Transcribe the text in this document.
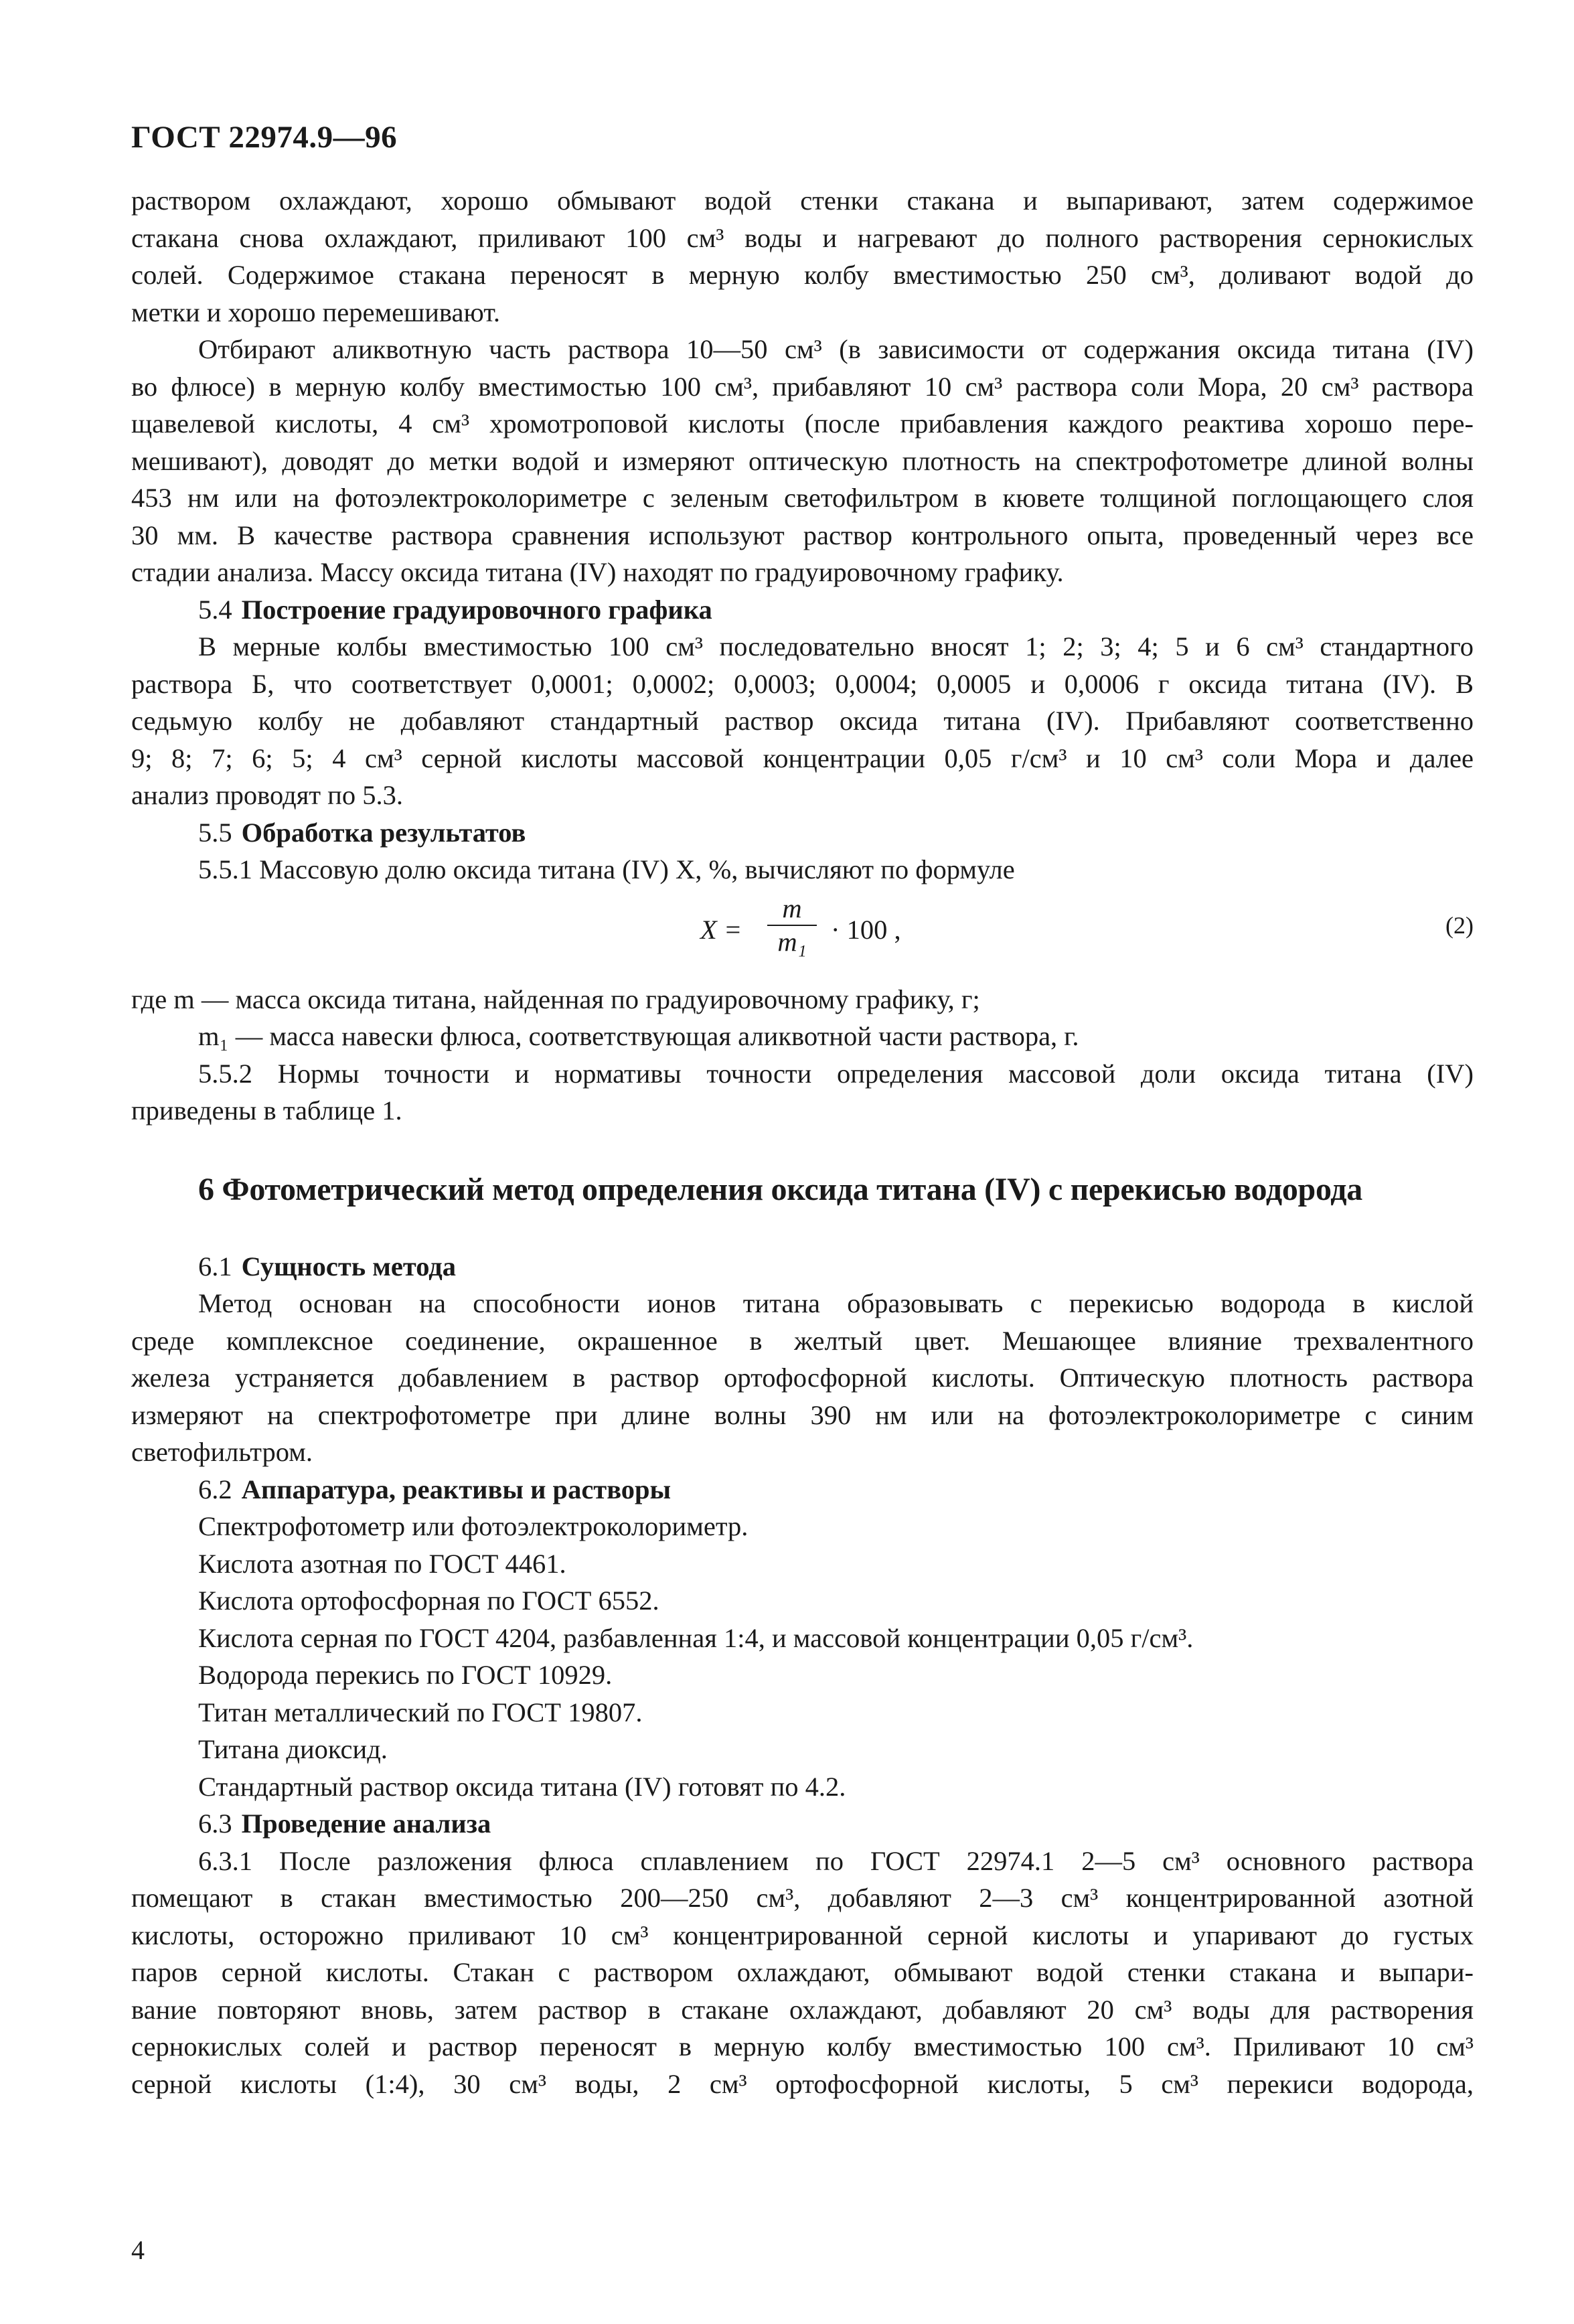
ГОСТ 22974.9—96

раствором охлаждают, хорошо обмывают водой стенки стакана и выпаривают, затем содержимое
стакана снова охлаждают, приливают 100 см³ воды и нагревают до полного растворения сернокислых
солей. Содержимое стакана переносят в мерную колбу вместимостью 250 см³, доливают водой до
метки и хорошо перемешивают.

Отбирают аликвотную часть раствора 10—50 см³ (в зависимости от содержания оксида титана (IV)
во флюсе) в мерную колбу вместимостью 100 см³, прибавляют 10 см³ раствора соли Мора, 20 см³ раствора
щавелевой кислоты, 4 см³ хромотроповой кислоты (после прибавления каждого реактива хорошо пере-
мешивают), доводят до метки водой и измеряют оптическую плотность на спектрофотометре длиной волны
453 нм или на фотоэлектроколориметре с зеленым светофильтром в кювете толщиной поглощающего слоя
30 мм. В качестве раствора сравнения используют раствор контрольного опыта, проведенный через все
стадии анализа. Массу оксида титана (IV) находят по градуировочному графику.

5.4 Построение градуировочного графика

В мерные колбы вместимостью 100 см³ последовательно вносят 1; 2; 3; 4; 5 и 6 см³ стандартного
раствора Б, что соответствует 0,0001; 0,0002; 0,0003; 0,0004; 0,0005 и 0,0006 г оксида титана (IV). В
седьмую колбу не добавляют стандартный раствор оксида титана (IV). Прибавляют соответственно
9; 8; 7; 6; 5; 4 см³ серной кислоты массовой концентрации 0,05 г/см³ и 10 см³ соли Мора и далее
анализ проводят по 5.3.

5.5 Обработка результатов

5.5.1 Массовую долю оксида титана (IV) X, %, вычисляют по формуле

X =
m
m₁ · 100 ,	(2)
где m — масса оксида титана, найденная по градуировочному графику, г;
m₁ — масса навески флюса, соответствующая аликвотной части раствора, г.

5.5.2 Нормы точности и нормативы точности определения массовой доли оксида титана (IV)
приведены в таблице 1.

6 Фотометрический метод определения оксида титана (IV) с перекисью водорода
6.1 Сущность метода

Метод основан на способности ионов титана образовывать с перекисью водорода в кислой
среде комплексное соединение, окрашенное в желтый цвет. Мешающее влияние трехвалентного
железа устраняется добавлением в раствор ортофосфорной кислоты. Оптическую плотность раствора
измеряют на спектрофотометре при длине волны 390 нм или на фотоэлектроколориметре с синим
светофильтром.

6.2 Аппаратура, реактивы и растворы

Спектрофотометр или фотоэлектроколориметр.

Кислота азотная по ГОСТ 4461.

Кислота ортофосфорная по ГОСТ 6552.

Кислота серная по ГОСТ 4204, разбавленная 1:4, и массовой концентрации 0,05 г/см³.

Водорода перекись по ГОСТ 10929.

Титан металлический по ГОСТ 19807.

Титана диоксид.

Стандартный раствор оксида титана (IV) готовят по 4.2.

6.3 Проведение анализа

6.3.1 После разложения флюса сплавлением по ГОСТ 22974.1 2—5 см³ основного раствора
помещают в стакан вместимостью 200—250 см³, добавляют 2—3 см³ концентрированной азотной
кислоты, осторожно приливают 10 см³ концентрированной серной кислоты и упаривают до густых
паров серной кислоты. Стакан с раствором охлаждают, обмывают водой стенки стакана и выпари-
вание повторяют вновь, затем раствор в стакане охлаждают, добавляют 20 см³ воды для растворения
сернокислых солей и раствор переносят в мерную колбу вместимостью 100 см³. Приливают 10 см³
серной кислоты (1:4), 30 см³ воды, 2 см³ ортофосфорной кислоты, 5 см³ перекиси водорода,

4
